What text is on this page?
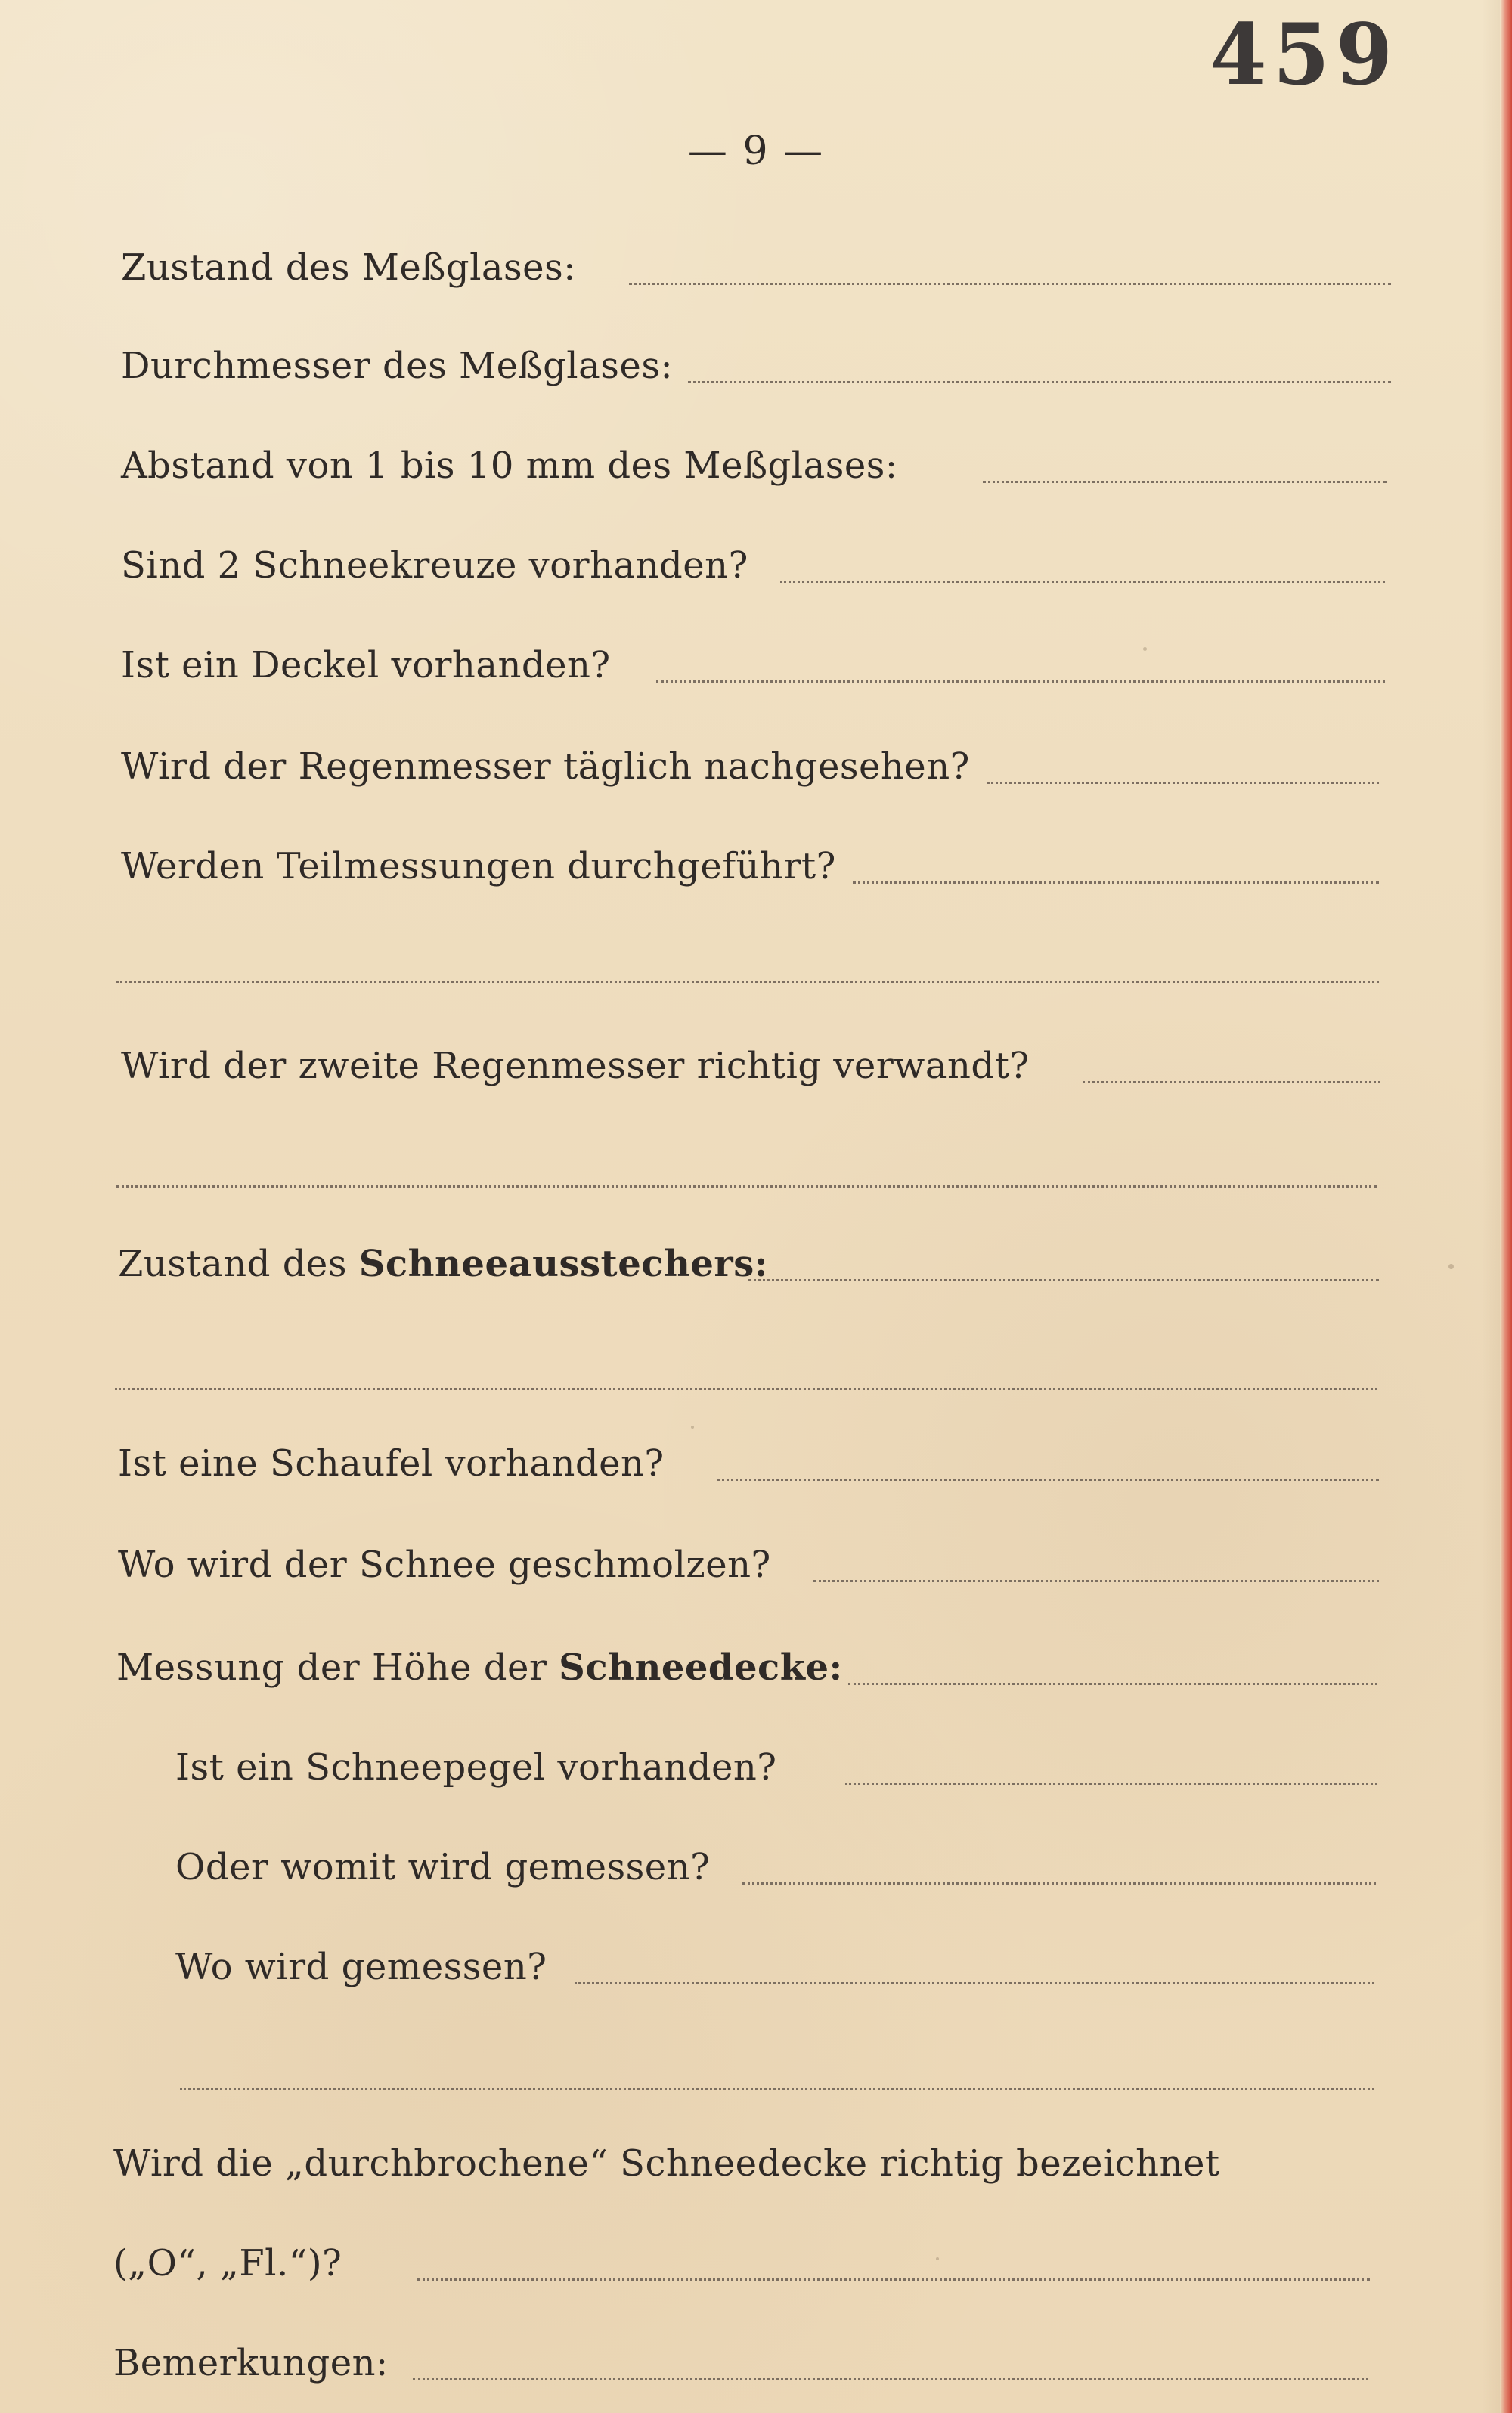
459
— 9 —
Zustand des Meßglases:
Durchmesser des Meßglases:
Abstand von 1 bis 10 mm des Meßglases:
Sind 2 Schneekreuze vorhanden?
Ist ein Deckel vorhanden?
Wird der Regenmesser täglich nachgesehen?
Werden Teilmessungen durchgeführt?
Wird der zweite Regenmesser richtig verwandt?
Zustand des Schneeausstechers:
Ist eine Schaufel vorhanden?
Wo wird der Schnee geschmolzen?
Messung der Höhe der Schneedecke:
Ist ein Schneepegel vorhanden?
Oder womit wird gemessen?
Wo wird gemessen?
Wird die „durchbrochene“ Schneedecke richtig bezeichnet
(„O“, „Fl.“)?
Bemerkungen:
